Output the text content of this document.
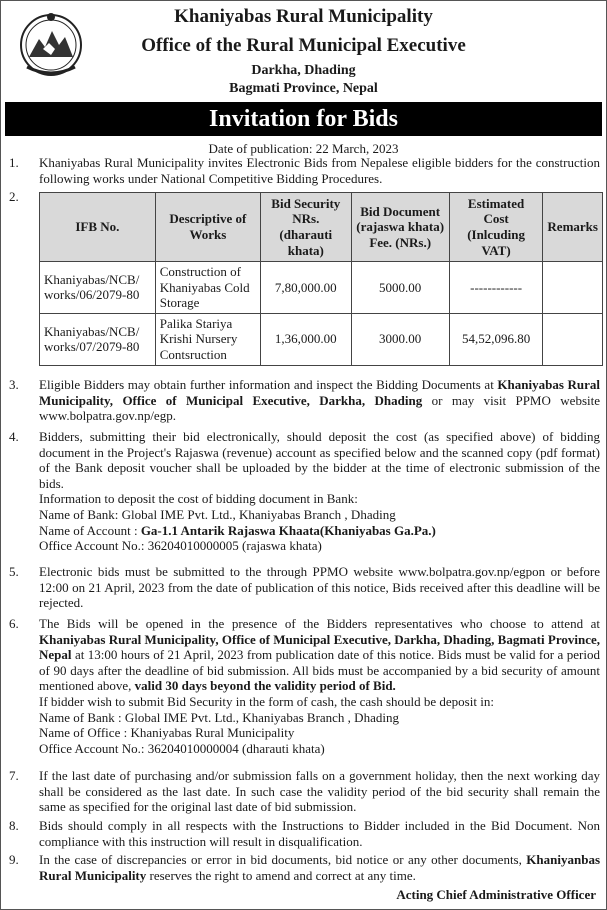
Khaniyabas Rural Municipality
Office of the Rural Municipal Executive
Darkha, Dhading
Bagmati Province, Nepal
Invitation for Bids
Date of publication: 22 March, 2023
1.	Khaniyabas Rural Municipality invites Electronic Bids from Nepalese eligible bidders for the construction following works under National Competitive Bidding Procedures.

2.
IFB No.	Descriptive of Works	Bid Security NRs. (dharauti khata)	Bid Document (rajaswa khata) Fee. (NRs.)	Estimated Cost (Inlcuding VAT)	Remarks
Khaniyabas/NCB/ works/06/2079-80	Construction of Khaniyabas Cold Storage	7,80,000.00	5000.00	------------	
Khaniyabas/NCB/ works/07/2079-80	Palika Stariya Krishi Nursery Contsruction	1,36,000.00	3000.00	54,52,096.80	
3.	Eligible Bidders may obtain further information and inspect the Bidding Documents at Khaniyabas Rural Municipality, Office of Municipal Executive, Darkha, Dhading or may visit PPMO website www.bolpatra.gov.np/egp.

4.	Bidders, submitting their bid electronically, should deposit the cost (as specified above) of bidding document in the Project's Rajaswa (revenue) account as specified below and the scanned copy (pdf format) of the Bank deposit voucher shall be uploaded by the bidder at the time of electronic submission of the bids.

Information to deposit the cost of bidding document in Bank:

Name of Bank: Global IME Pvt. Ltd., Khaniyabas Branch , Dhading

Name of Account : Ga-1.1 Antarik Rajaswa Khaata(Khaniyabas Ga.Pa.)

Office Account No.: 36204010000005 (rajaswa khata)

5.	Electronic bids must be submitted to the through PPMO website www.bolpatra.gov.np/egpon or before 12:00 on 21 April, 2023 from the date of publication of this notice, Bids received after this deadline will be rejected.

6.	The Bids will be opened in the presence of the Bidders representatives who choose to attend at Khaniyabas Rural Municipality, Office of Municipal Executive, Darkha, Dhading, Bagmati Province, Nepal at 13:00 hours of 21 April, 2023 from publication date of this notice. Bids must be valid for a period of 90 days after the deadline of bid submission. All bids must be accompanied by a bid security of amount mentioned above, valid 30 days beyond the validity period of Bid.

If bidder wish to submit Bid Security in the form of cash, the cash should be deposit in:

Name of Bank : Global IME Pvt. Ltd., Khaniyabas Branch , Dhading

Name of Office : Khaniyabas Rural Municipality

Office Account No.: 36204010000004 (dharauti khata)

7.	If the last date of purchasing and/or submission falls on a government holiday, then the next working day shall be considered as the last date. In such case the validity period of the bid security shall remain the same as specified for the original last date of bid submission.

8.	Bids should comply in all respects with the Instructions to Bidder included in the Bid Document. Non compliance with this instruction will result in disqualification.

9.	In the case of discrepancies or error in bid documents, bid notice or any other documents, Khaniyanbas Rural Municipality reserves the right to amend and correct at any time.

Acting Chief Administrative Officer
